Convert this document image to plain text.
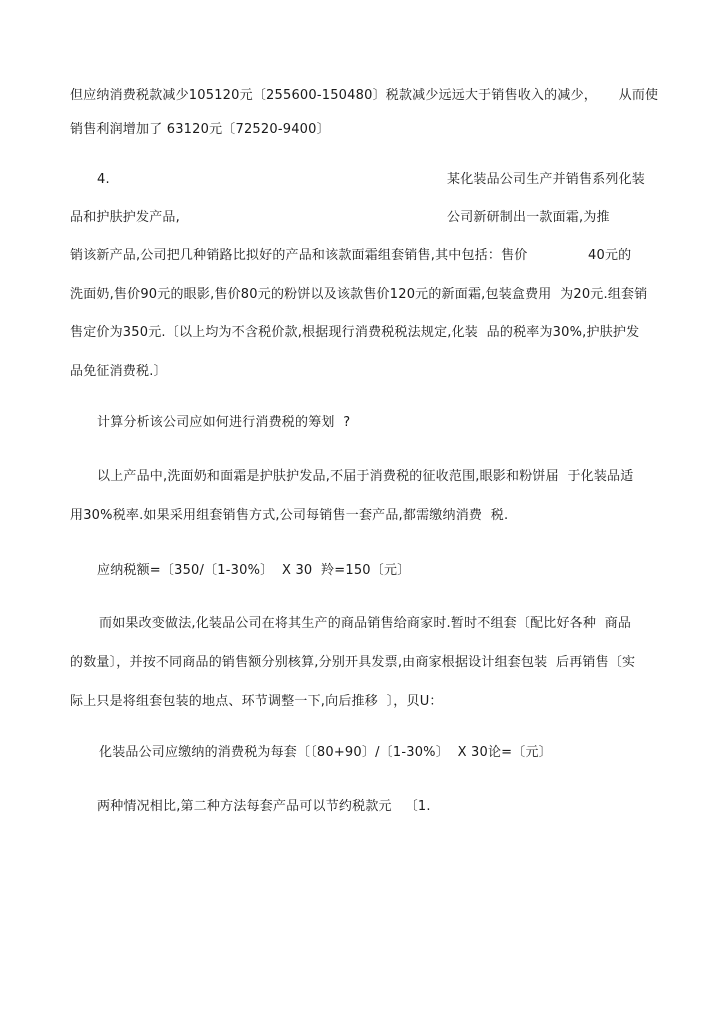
但应纳消费税款减少105120元〔255600-150480〕税款减少远远大于销售收入的减少，     从而使
销售利润增加了 63120元〔72520-9400〕
4.	某化装品公司生产并销售系列化装
品和护肤护发产品,	公司新研制出一款面霜,为推
销该新产品,公司把几种销路比拟好的产品和该款面霜组套销售,其中包括：售价	40元的
洗面奶,售价90元的眼影,售价80元的粉饼以及该款售价120元的新面霜,包装盒费用  为20元.组套销
售定价为350元.〔以上均为不含税价款,根据现行消费税税法规定,化装  品的税率为30%,护肤护发
品免征消费税.〕
计算分析该公司应如何进行消费税的筹划  ?
以上产品中,洗面奶和面霜是护肤护发品,不届于消费税的征收范围,眼影和粉饼届  于化装品适
用30%税率.如果采用组套销售方式,公司每销售一套产品,都需缴纳消费  税.
应纳税额=〔350/〔1-30%〕  X 30  羚=150〔元〕
而如果改变做法,化装品公司在将其生产的商品销售给商家时.暂时不组套〔配比好各种  商品
的数量〕，并按不同商品的销售额分别核算,分别开具发票,由商家根据设计组套包装  后再销售〔实
际上只是将组套包装的地点、环节调整一下,向后推移  〕，贝U：
化装品公司应缴纳的消费税为每套〔〔80+90〕/〔1-30%〕  X 30论=〔元〕
两种情况相比,第二种方法每套产品可以节约税款元   〔1.
